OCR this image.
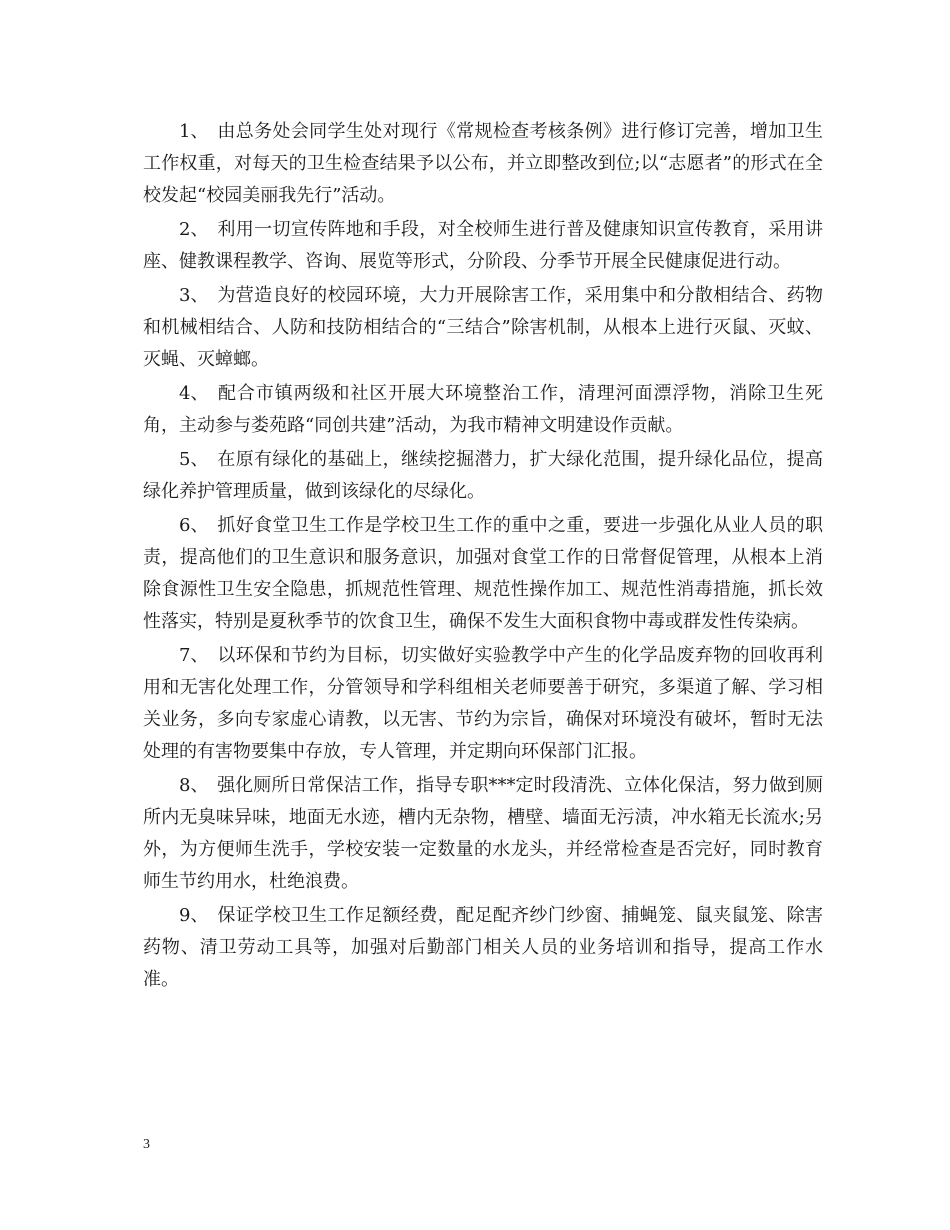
1、 由总务处会同学生处对现行《常规检查考核条例》进行修订完善，增加卫生工作权重，对每天的卫生检查结果予以公布，并立即整改到位;以“志愿者”的形式在全校发起“校园美丽我先行”活动。

2、 利用一切宣传阵地和手段，对全校师生进行普及健康知识宣传教育，采用讲座、健教课程教学、咨询、展览等形式，分阶段、分季节开展全民健康促进行动。

3、 为营造良好的校园环境，大力开展除害工作，采用集中和分散相结合、药物和机械相结合、人防和技防相结合的“三结合”除害机制，从根本上进行灭鼠、灭蚊、灭蝇、灭蟑螂。

4、 配合市镇两级和社区开展大环境整治工作，清理河面漂浮物，消除卫生死角，主动参与娄苑路“同创共建”活动，为我市精神文明建设作贡献。

5、 在原有绿化的基础上，继续挖掘潜力，扩大绿化范围，提升绿化品位，提高绿化养护管理质量，做到该绿化的尽绿化。

6、 抓好食堂卫生工作是学校卫生工作的重中之重，要进一步强化从业人员的职责，提高他们的卫生意识和服务意识，加强对食堂工作的日常督促管理，从根本上消除食源性卫生安全隐患，抓规范性管理、规范性操作加工、规范性消毒措施，抓长效性落实，特别是夏秋季节的饮食卫生，确保不发生大面积食物中毒或群发性传染病。

7、 以环保和节约为目标，切实做好实验教学中产生的化学品废弃物的回收再利用和无害化处理工作，分管领导和学科组相关老师要善于研究，多渠道了解、学习相关业务，多向专家虚心请教，以无害、节约为宗旨，确保对环境没有破坏，暂时无法处理的有害物要集中存放，专人管理，并定期向环保部门汇报。

8、 强化厕所日常保洁工作，指导专职***定时段清洗、立体化保洁，努力做到厕所内无臭味异味，地面无水迹，槽内无杂物，槽壁、墙面无污渍，冲水箱无长流水;另外，为方便师生洗手，学校安装一定数量的水龙头，并经常检查是否完好，同时教育师生节约用水，杜绝浪费。

9、 保证学校卫生工作足额经费，配足配齐纱门纱窗、捕蝇笼、鼠夹鼠笼、除害药物、清卫劳动工具等，加强对后勤部门相关人员的业务培训和指导，提高工作水准。

3
